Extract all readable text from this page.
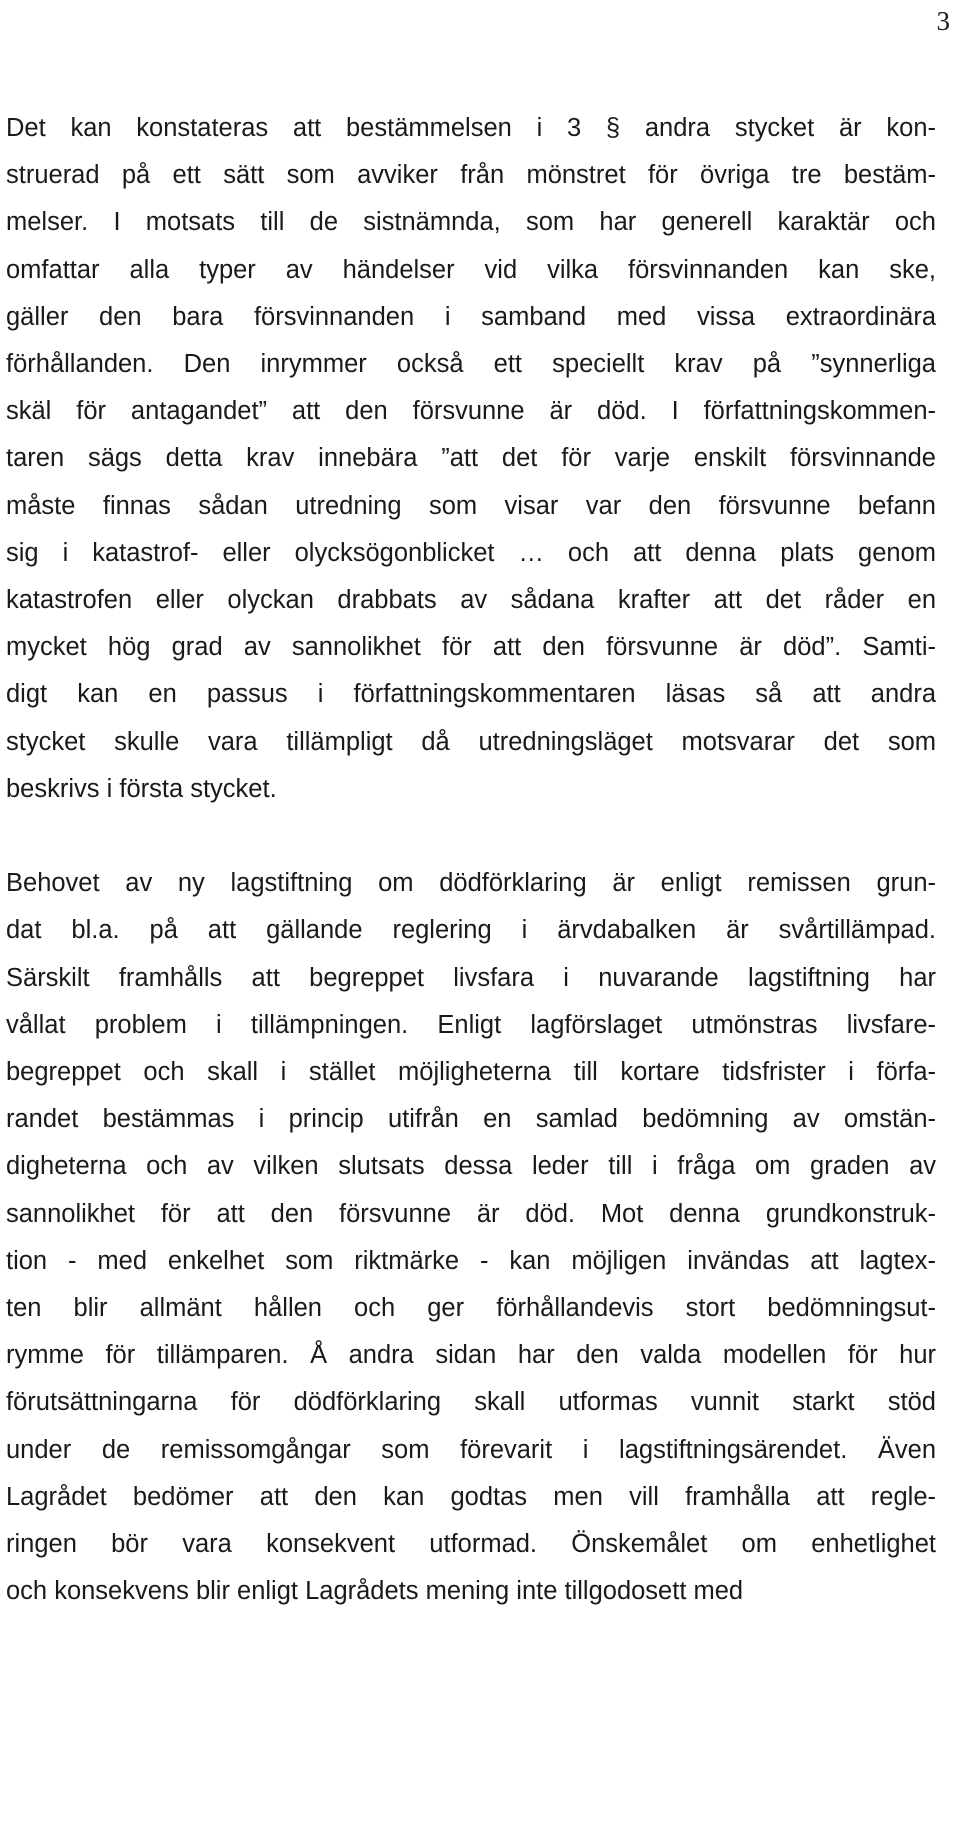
3
Det kan konstateras att bestämmelsen i 3 § andra stycket är kon-
struerad på ett sätt som avviker från mönstret för övriga tre bestäm-
melser. I motsats till de sistnämnda, som har generell karaktär och
omfattar alla typer av händelser vid vilka försvinnanden kan ske,
gäller den bara försvinnanden i samband med vissa extraordinära
förhållanden. Den inrymmer också ett speciellt krav på ”synnerliga
skäl för antagandet” att den försvunne är död. I författningskommen-
taren sägs detta krav innebära ”att det för varje enskilt försvinnande
måste finnas sådan utredning som visar var den försvunne befann
sig i katastrof- eller olycksögonblicket … och att denna plats genom
katastrofen eller olyckan drabbats av sådana krafter att det råder en
mycket hög grad av sannolikhet för att den försvunne är död”. Samti-
digt kan en passus i författningskommentaren läsas så att andra
stycket skulle vara tillämpligt då utredningsläget motsvarar det som
beskrivs i första stycket.
Behovet av ny lagstiftning om dödförklaring är enligt remissen grun-
dat bl.a. på att gällande reglering i ärvdabalken är svårtillämpad.
Särskilt framhålls att begreppet livsfara i nuvarande lagstiftning har
vållat problem i tillämpningen. Enligt lagförslaget utmönstras livsfare-
begreppet och skall i stället möjligheterna till kortare tidsfrister i förfa-
randet bestämmas i princip utifrån en samlad bedömning av omstän-
digheterna och av vilken slutsats dessa leder till i fråga om graden av
sannolikhet för att den försvunne är död. Mot denna grundkonstruk-
tion - med enkelhet som riktmärke - kan möjligen invändas att lagtex-
ten blir allmänt hållen och ger förhållandevis stort bedömningsut-
rymme för tillämparen. Å andra sidan har den valda modellen för hur
förutsättningarna för dödförklaring skall utformas vunnit starkt stöd
under de remissomgångar som förevarit i lagstiftningsärendet. Även
Lagrådet bedömer att den kan godtas men vill framhålla att regle-
ringen bör vara konsekvent utformad. Önskemålet om enhetlighet
och konsekvens blir enligt Lagrådets mening inte tillgodosett med
